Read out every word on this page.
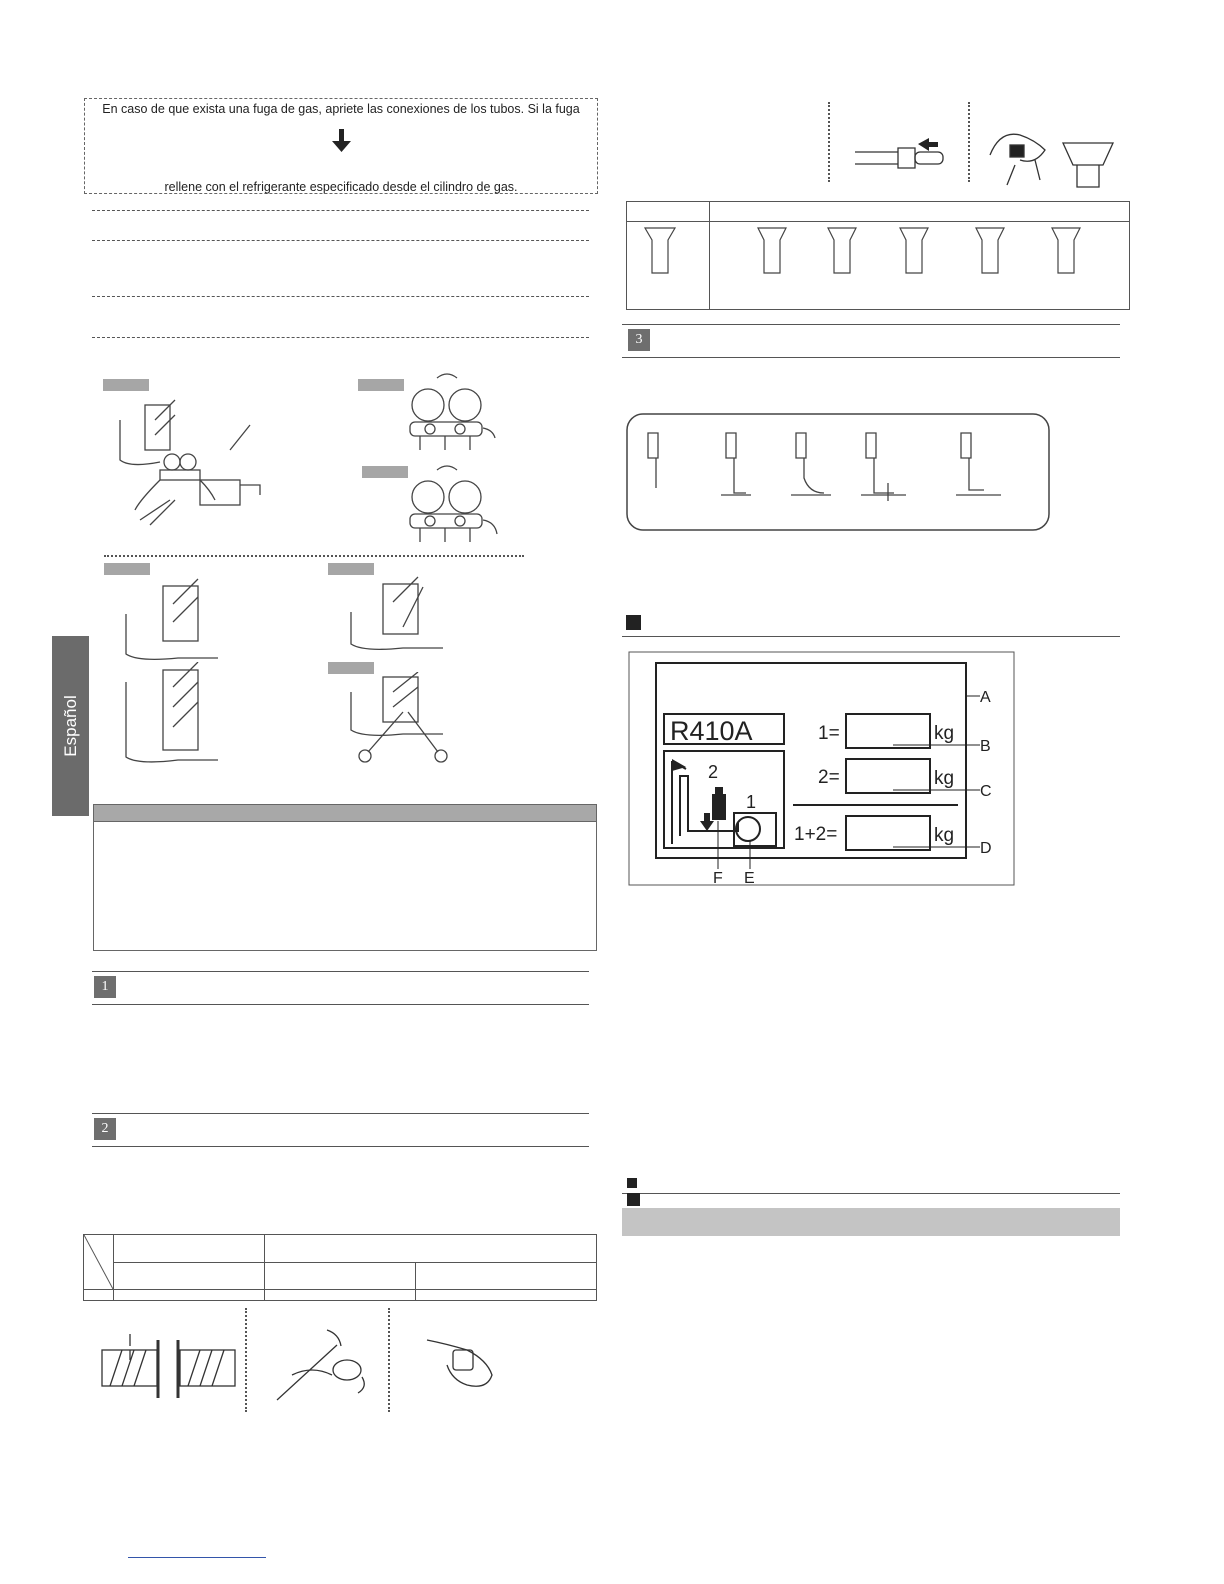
Español
En caso de que exista una fuga de gas, apriete las conexiones de los tubos. Si la fuga
rellene con el refrigerante especificado desde el cilindro de gas.
1
2

3
R410A
2
1
1=	kg
2=	kg
1+2=	kg
A
B
C
D
F E
